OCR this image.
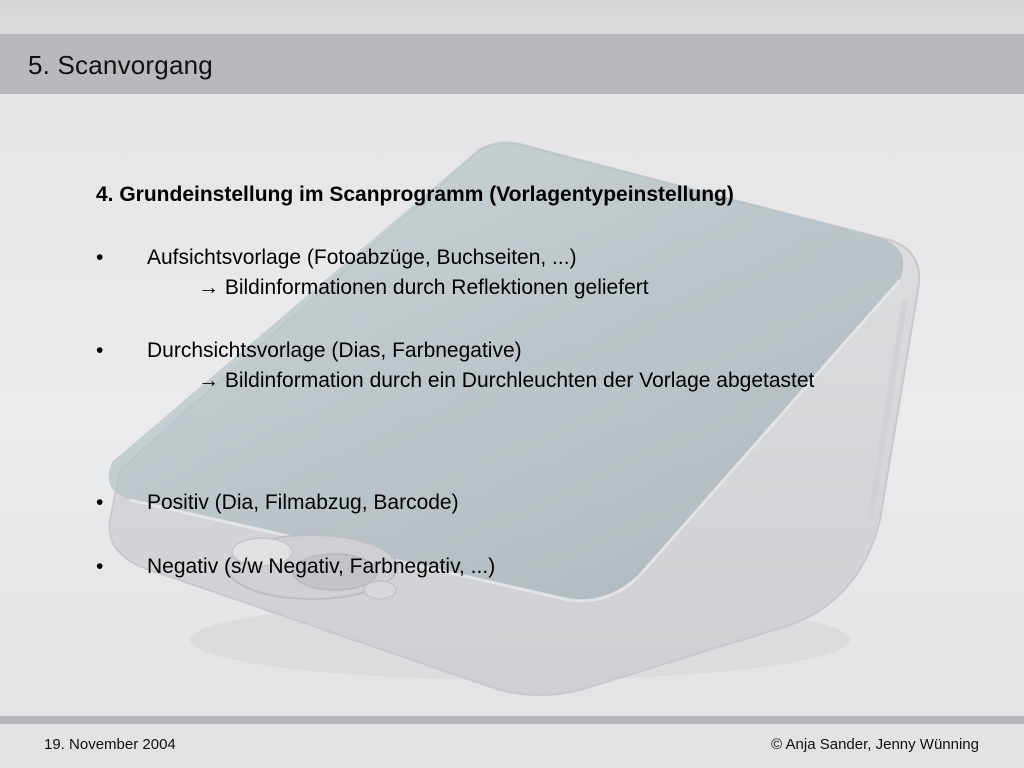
5. Scanvorgang
4. Grundeinstellung im Scanprogramm (Vorlagentypeinstellung)
• Aufsichtsvorlage (Fotoabzüge, Buchseiten, ...)
→ Bildinformationen durch Reflektionen geliefert
• Durchsichtsvorlage (Dias, Farbnegative)
→ Bildinformation durch ein Durchleuchten der Vorlage abgetastet
• Positiv (Dia, Filmabzug, Barcode)
• Negativ (s/w Negativ, Farbnegativ, ...)
19. November 2004	© Anja Sander, Jenny Wünning
